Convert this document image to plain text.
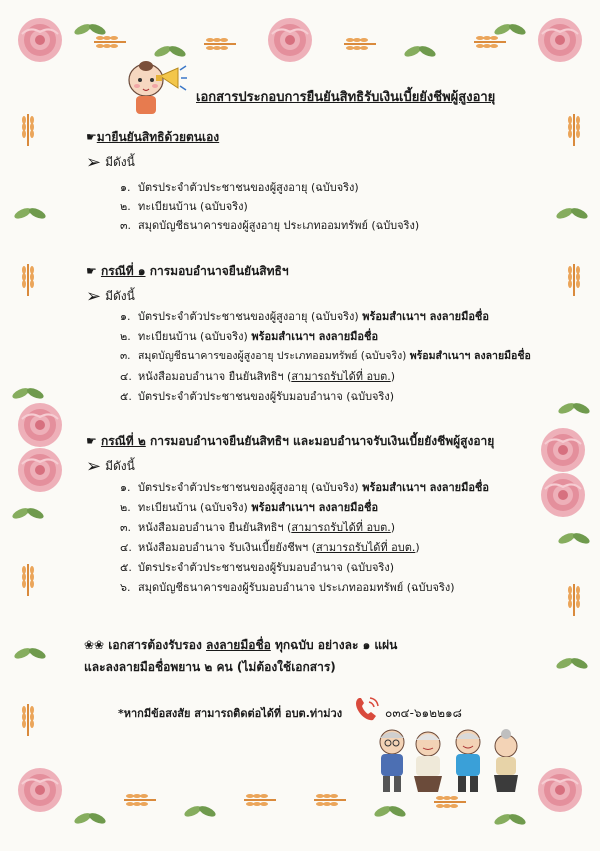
เอกสารประกอบการยืนยันสิทธิรับเงินเบี้ยยังชีพผู้สูงอายุ
☛มายืนยันสิทธิด้วยตนเอง
➢ มีดังนี้
๑. บัตรประจำตัวประชาชนของผู้สูงอายุ (ฉบับจริง)
๒. ทะเบียนบ้าน (ฉบับจริง)
๓. สมุดบัญชีธนาคารของผู้สูงอายุ ประเภทออมทรัพย์ (ฉบับจริง)
☛ กรณีที่ ๑ การมอบอำนาจยืนยันสิทธิฯ
➢ มีดังนี้
๑. บัตรประจำตัวประชาชนของผู้สูงอายุ (ฉบับจริง) พร้อมสำเนาฯ ลงลายมือชื่อ
๒. ทะเบียนบ้าน (ฉบับจริง) พร้อมสำเนาฯ ลงลายมือชื่อ
๓. สมุดบัญชีธนาคารของผู้สูงอายุ ประเภทออมทรัพย์ (ฉบับจริง) พร้อมสำเนาฯ ลงลายมือชื่อ
๔. หนังสือมอบอำนาจ ยืนยันสิทธิฯ (สามารถรับได้ที่ อบต.)
๕. บัตรประจำตัวประชาชนของผู้รับมอบอำนาจ (ฉบับจริง)
☛ กรณีที่ ๒ การมอบอำนาจยืนยันสิทธิฯ และมอบอำนาจรับเงินเบี้ยยังชีพผู้สูงอายุ
➢ มีดังนี้
๑. บัตรประจำตัวประชาชนของผู้สูงอายุ (ฉบับจริง) พร้อมสำเนาฯ ลงลายมือชื่อ
๒. ทะเบียนบ้าน (ฉบับจริง) พร้อมสำเนาฯ ลงลายมือชื่อ
๓. หนังสือมอบอำนาจ ยืนยันสิทธิฯ (สามารถรับได้ที่ อบต.)
๔. หนังสือมอบอำนาจ รับเงินเบี้ยยังชีพฯ (สามารถรับได้ที่ อบต.)
๕. บัตรประจำตัวประชาชนของผู้รับมอบอำนาจ (ฉบับจริง)
๖. สมุดบัญชีธนาคารของผู้รับมอบอำนาจ ประเภทออมทรัพย์ (ฉบับจริง)
❀❀ เอกสารต้องรับรอง ลงลายมือชื่อ ทุกฉบับ อย่างละ ๑ แผ่น
และลงลายมือชื่อพยาน ๒ คน (ไม่ต้องใช้เอกสาร)
*หากมีข้อสงสัย สามารถติดต่อได้ที่ อบต.ท่าม่วง	๐๓๔-๖๑๒๒๑๘
